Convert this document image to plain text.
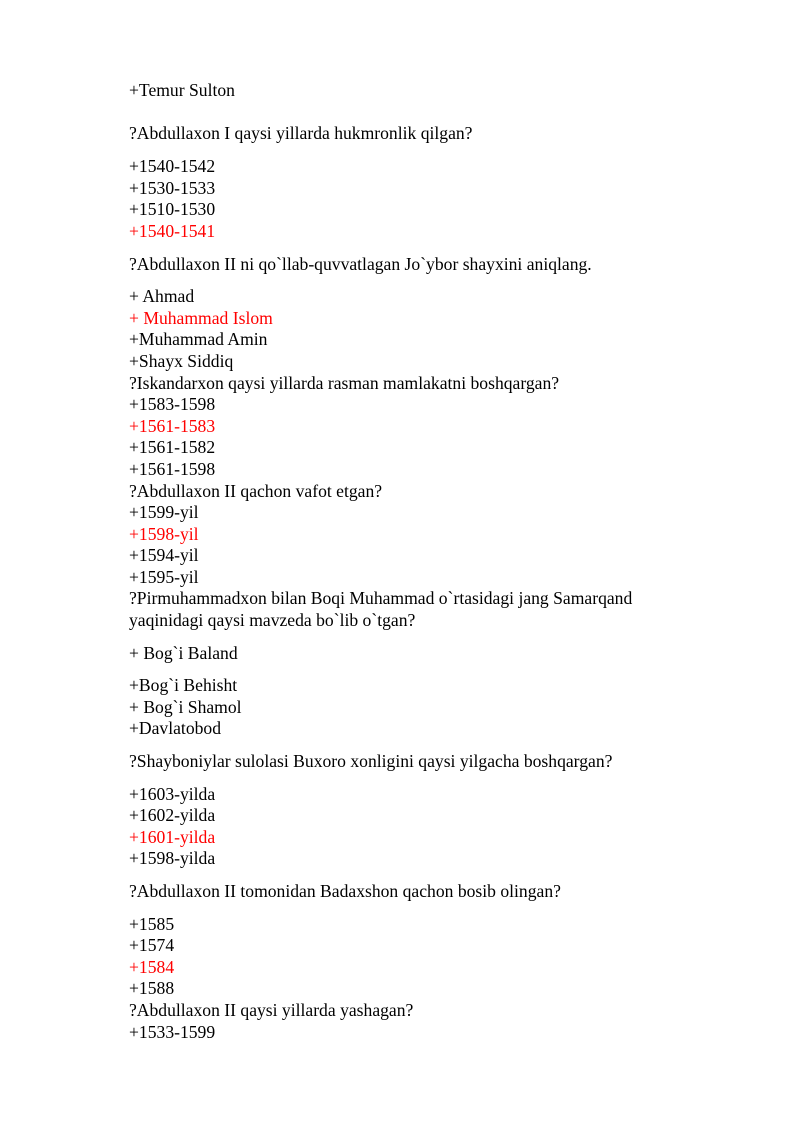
+Temur Sulton

?Abdullaxon I qaysi yillarda hukmronlik qilgan?

+1540-1542

+1530-1533

+1510-1530

+1540-1541

?Abdullaxon II ni qo`llab-quvvatlagan Jo`ybor shayxini aniqlang.

+ Ahmad

+ Muhammad Islom

+Muhammad Amin

+Shayx Siddiq

?Iskandarxon qaysi yillarda rasman mamlakatni boshqargan?

+1583-1598

+1561-1583

+1561-1582

+1561-1598

?Abdullaxon II qachon vafot etgan?

+1599-yil

+1598-yil

+1594-yil

+1595-yil

?Pirmuhammadxon bilan Boqi Muhammad o`rtasidagi jang Samarqand yaqinidagi qaysi mavzeda bo`lib o`tgan?

+ Bog`i Baland

+Bog`i Behisht

+ Bog`i Shamol

+Davlatobod

?Shayboniylar sulolasi Buxoro xonligini qaysi yilgacha boshqargan?

+1603-yilda

+1602-yilda

+1601-yilda

+1598-yilda

?Abdullaxon II tomonidan Badaxshon qachon bosib olingan?

+1585

+1574

+1584

+1588

?Abdullaxon II qaysi yillarda yashagan?

+1533-1599
